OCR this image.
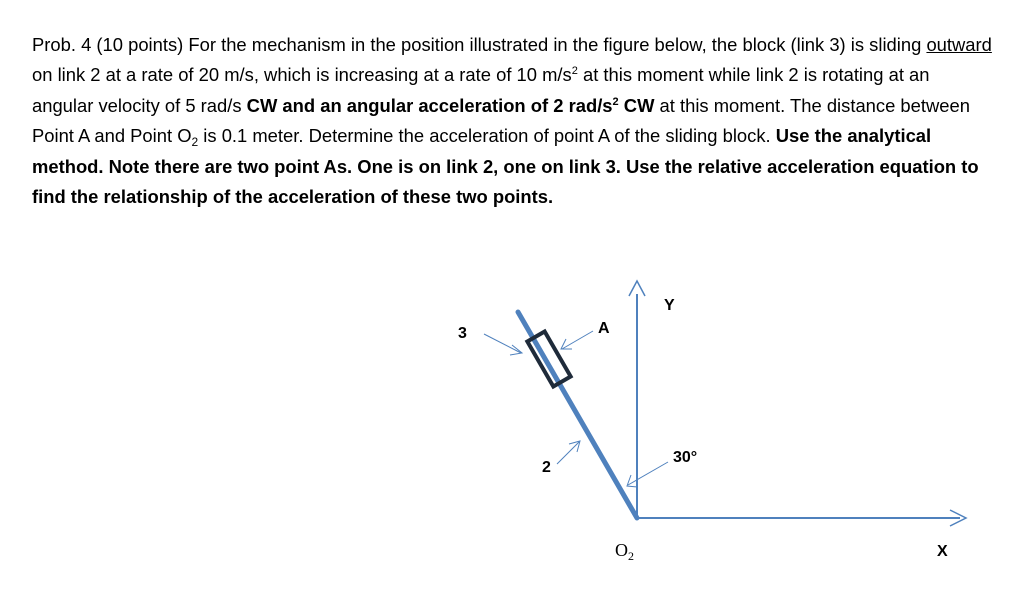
Prob. 4 (10 points) For the mechanism in the position illustrated in the figure below, the block (link 3) is sliding outward on link 2 at a rate of 20 m/s, which is increasing at a rate of 10 $m/s^2$ at this moment while link 2 is rotating at an angular velocity of 5 rad/s CW and an angular acceleration of 2 rad/$s^2$ CW at this moment. The distance between Point A and Point $O_2$ is 0.1 meter. Determine the acceleration of point A of the sliding block. Use the analytical method. Note there are two point As. One is on link 2, one on link 3. Use the relative acceleration equation to find the relationship of the acceleration of these two points.

3	A
Y
2
30°
X
$O_2$
